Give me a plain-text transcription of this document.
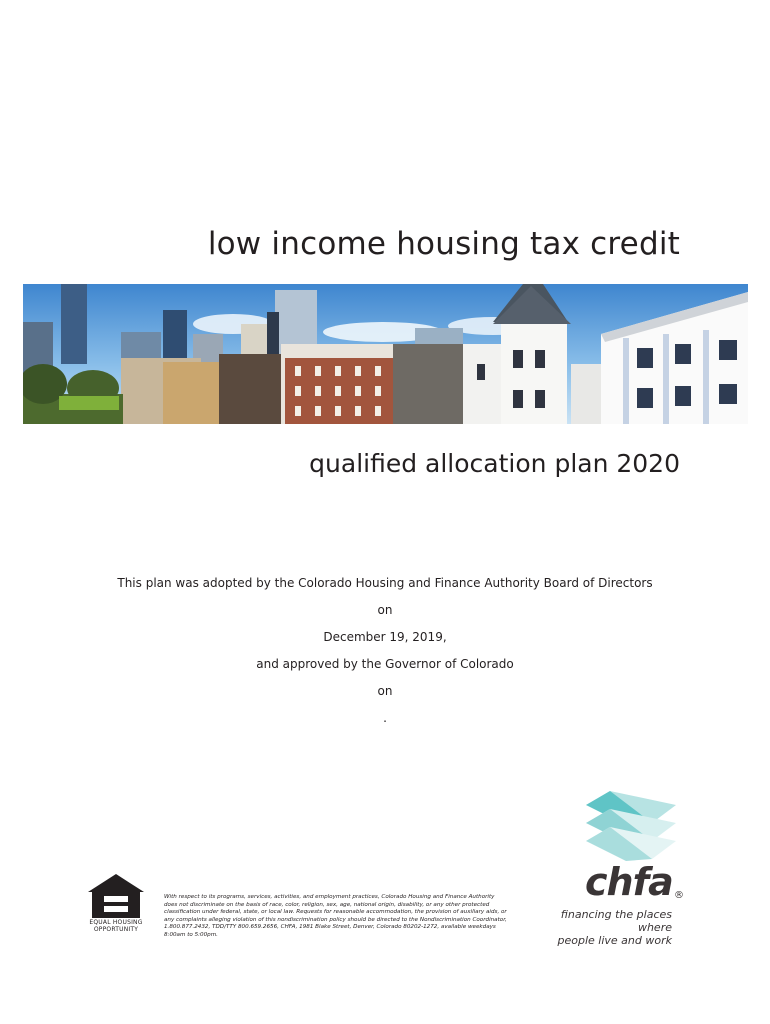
low income housing tax credit
qualified allocation plan 2020
This plan was adopted by the Colorado Housing and Finance Authority Board of Directors
on
December 19, 2019,
and approved by the Governor of Colorado
on
.
EQUAL HOUSING
OPPORTUNITY
With respect to its programs, services, activities, and employment practices, Colorado Housing and Finance Authority does not discriminate on the basis of race, color, religion, sex, age, national origin, disability, or any other protected classification under federal, state, or local law. Requests for reasonable accommodation, the provision of auxiliary aids, or any complaints alleging violation of this nondiscrimination policy should be directed to the Nondiscrimination Coordinator, 1.800.877.2432, TDD/TTY 800.659.2656, CHFA, 1981 Blake Street, Denver, Colorado 80202-1272, available weekdays 8:00am to 5:00pm.
chfa ®
financing the places where
people live and work
